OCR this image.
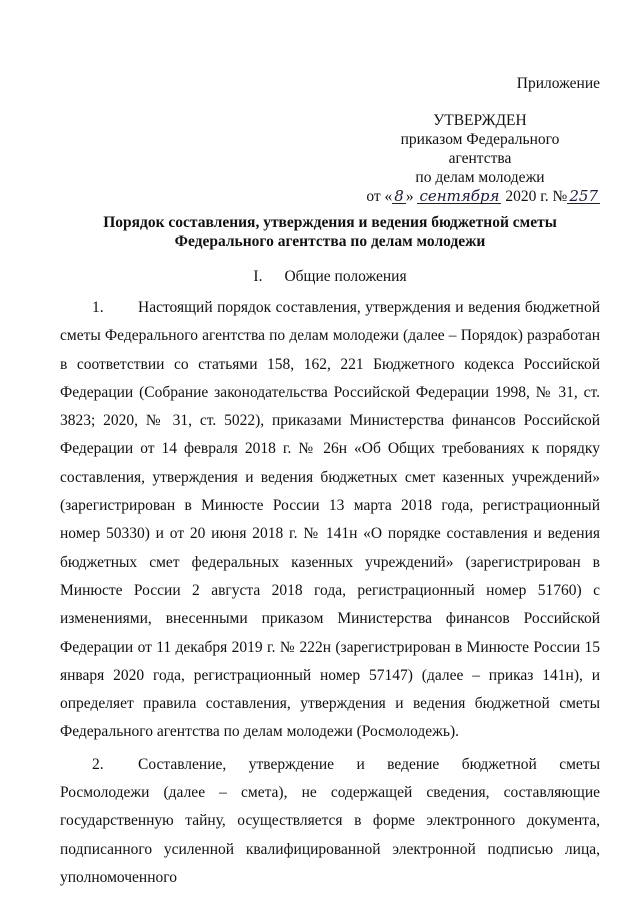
Приложение
УТВЕРЖДЕН
приказом Федерального агентства
по делам молодежи
от « 8 » сентября 2020 г. № 257
Порядок составления, утверждения и ведения бюджетной сметы
Федерального агентства по делам молодежи
I. Общие положения

1. Настоящий порядок составления, утверждения и ведения бюджетной сметы Федерального агентства по делам молодежи (далее – Порядок) разработан в соответствии со статьями 158, 162, 221 Бюджетного кодекса Российской Федерации (Собрание законодательства Российской Федерации 1998, № 31, ст. 3823; 2020, № 31, ст. 5022), приказами Министерства финансов Российской Федерации от 14 февраля 2018 г. № 26н «Об Общих требованиях к порядку составления, утверждения и ведения бюджетных смет казенных учреждений» (зарегистрирован в Минюсте России 13 марта 2018 года, регистрационный номер 50330) и от 20 июня 2018 г. № 141н «О порядке составления и ведения бюджетных смет федеральных казенных учреждений» (зарегистрирован в Минюсте России 2 августа 2018 года, регистрационный номер 51760) с изменениями, внесенными приказом Министерства финансов Российской Федерации от 11 декабря 2019 г. № 222н (зарегистрирован в Минюсте России 15 января 2020 года, регистрационный номер 57147) (далее – приказ 141н), и определяет правила составления, утверждения и ведения бюджетной сметы Федерального агентства по делам молодежи (Росмолодежь).

2. Составление, утверждение и ведение бюджетной сметы Росмолодежи (далее – смета), не содержащей сведения, составляющие государственную тайну, осуществляется в форме электронного документа, подписанного усиленной квалифицированной электронной подписью лица, уполномоченного
